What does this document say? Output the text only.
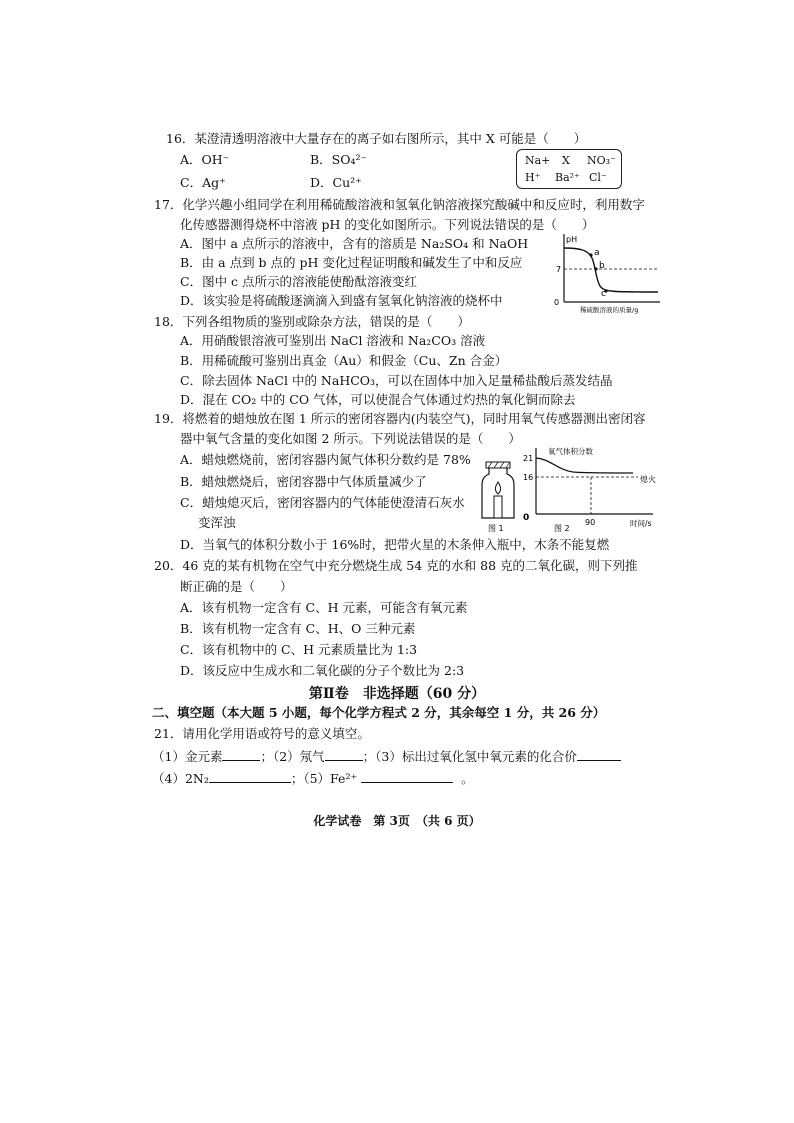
16．某澄清透明溶液中大量存在的离子如右图所示，其中 X 可能是（　　）
A．OH⁻	B．SO₄²⁻
C．Ag⁺	D．Cu²⁺
Na+ X NO₃⁻
H⁺ Ba²⁺ Cl⁻
17．化学兴趣小组同学在利用稀硫酸溶液和氢氧化钠溶液探究酸碱中和反应时，利用数字
化传感器测得烧杯中溶液 pH 的变化如图所示。下列说法错误的是（　　）
A．图中 a 点所示的溶液中，含有的溶质是 Na₂SO₄ 和 NaOH
B．由 a 点到 b 点的 pH 变化过程证明酸和碱发生了中和反应
C．图中 c 点所示的溶液能使酚酞溶液变红
D．该实验是将硫酸逐滴滴入到盛有氢氧化钠溶液的烧杯中
pH
7
0
a
b
c
稀硫酸溶液的质量/g
18．下列各组物质的鉴别或除杂方法，错误的是（　　）
A．用硝酸银溶液可鉴别出 NaCl 溶液和 Na₂CO₃ 溶液
B．用稀硫酸可鉴别出真金（Au）和假金（Cu、Zn 合金）
C．除去固体 NaCl 中的 NaHCO₃，可以在固体中加入足量稀盐酸后蒸发结晶
D．混在 CO₂ 中的 CO 气体，可以使混合气体通过灼热的氧化铜而除去
19．将燃着的蜡烛放在图 1 所示的密闭容器内(内装空气)，同时用氧气传感器测出密闭容
器中氧气含量的变化如图 2 所示。下列说法错误的是（　　）
A．蜡烛燃烧前，密闭容器内氮气体积分数约是 78%
B．蜡烛燃烧后，密闭容器中气体质量减少了
C．蜡烛熄灭后，密闭容器内的气体能使澄清石灰水
变浑浊
D．当氧气的体积分数小于 16%时，把带火星的木条伸入瓶中，木条不能复燃
图 1
氧气体积分数
21
16
0
熄火
90	时间/s
图 2
20．46 克的某有机物在空气中充分燃烧生成 54 克的水和 88 克的二氧化碳，则下列推
断正确的是（　　）
A．该有机物一定含有 C、H 元素，可能含有氧元素
B．该有机物一定含有 C、H、O 三种元素
C．该有机物中的 C、H 元素质量比为 1:3
D．该反应中生成水和二氧化碳的分子个数比为 2:3
第Ⅱ卷　非选择题（60 分）
二、填空题（本大题 5 小题，每个化学方程式 2 分，其余每空 1 分，共 26 分）
21．请用化学用语或符号的意义填空。
（1）金元素	；（2）氖气	；（3）标出过氧化氢中氧元素的化合价
（4）2N₂	；（5）Fe²⁺	。
化学试卷　第 3页　（共 6 页）
